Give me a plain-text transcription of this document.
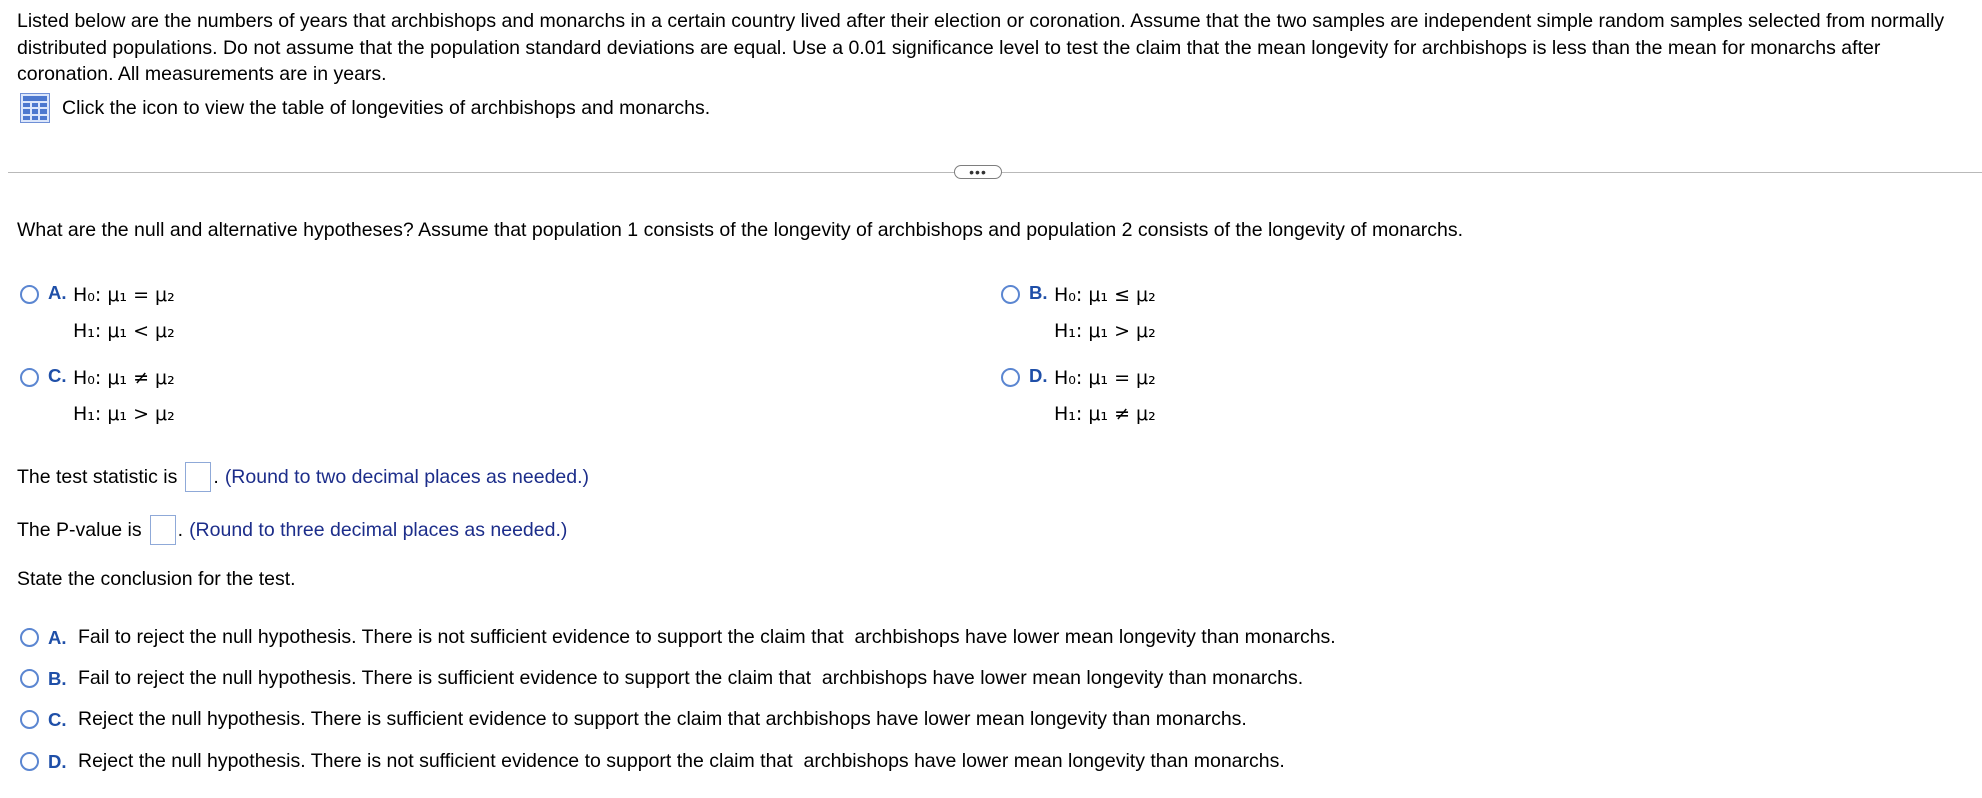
Listed below are the numbers of years that archbishops and monarchs in a certain country lived after their election or coronation. Assume that the two samples are independent simple random samples selected from normally distributed populations. Do not assume that the population standard deviations are equal. Use a 0.01 significance level to test the claim that the mean longevity for archbishops is less than the mean for monarchs after coronation. All measurements are in years.
Click the icon to view the table of longevities of archbishops and monarchs.
•••
What are the null and alternative hypotheses? Assume that population 1 consists of the longevity of archbishops and population 2 consists of the longevity of monarchs.
A. H₀: μ₁ = μ₂
H₁: μ₁ < μ₂
B. H₀: μ₁ ≤ μ₂
H₁: μ₁ > μ₂
C. H₀: μ₁ ≠ μ₂
H₁: μ₁ > μ₂
D. H₀: μ₁ = μ₂
H₁: μ₁ ≠ μ₂
The test statistic is . (Round to two decimal places as needed.)
The P-value is . (Round to three decimal places as needed.)
State the conclusion for the test.
A. Fail to reject the null hypothesis. There is not sufficient evidence to support the claim that  archbishops have lower mean longevity than monarchs.
B. Fail to reject the null hypothesis. There is sufficient evidence to support the claim that  archbishops have lower mean longevity than monarchs.
C. Reject the null hypothesis. There is sufficient evidence to support the claim that archbishops have lower mean longevity than monarchs.
D. Reject the null hypothesis. There is not sufficient evidence to support the claim that  archbishops have lower mean longevity than monarchs.
